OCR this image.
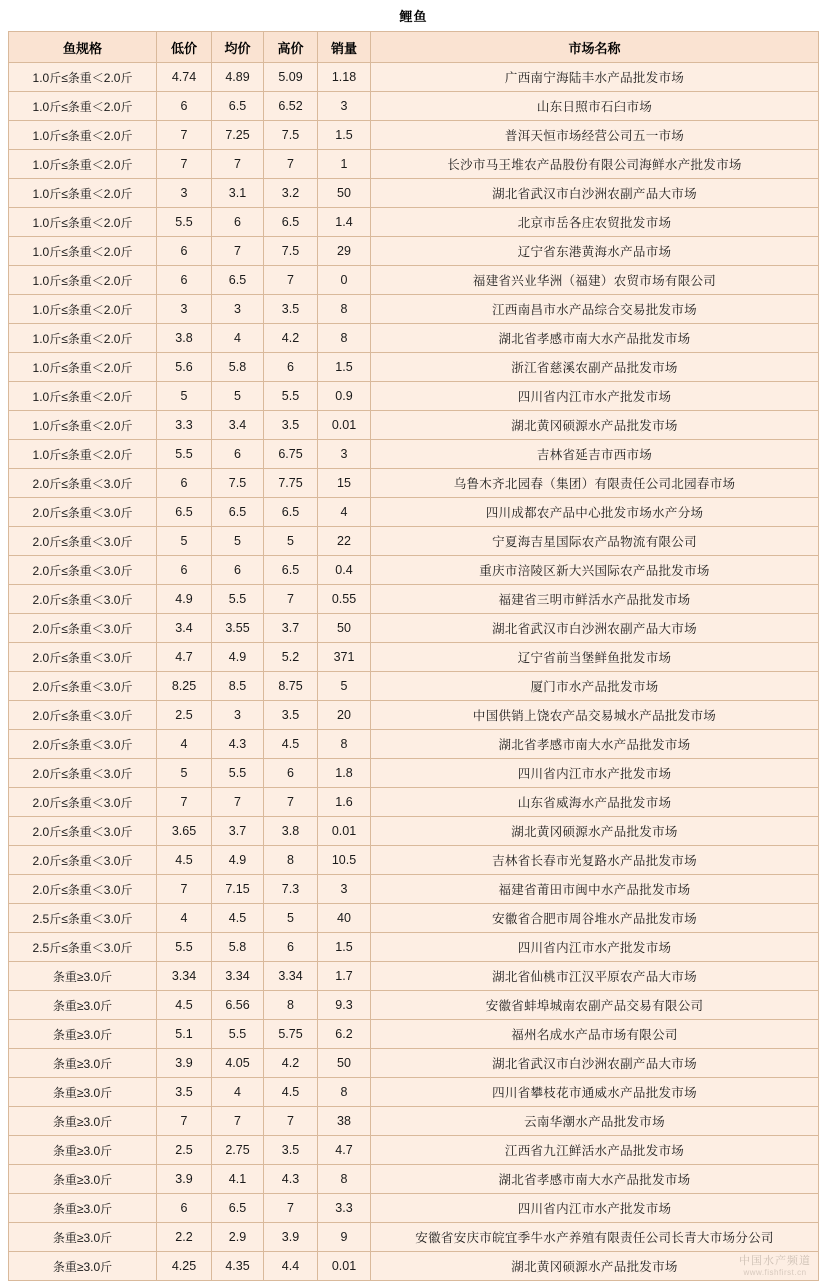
鲤鱼
鱼规格	低价	均价	高价	销量	市场名称
1.0斤≤条重＜2.0斤	4.74	4.89	5.09	1.18	广西南宁海陆丰水产品批发市场
1.0斤≤条重＜2.0斤	6	6.5	6.52	3	山东日照市石臼市场
1.0斤≤条重＜2.0斤	7	7.25	7.5	1.5	普洱天恒市场经营公司五一市场
1.0斤≤条重＜2.0斤	7	7	7	1	长沙市马王堆农产品股份有限公司海鲜水产批发市场
1.0斤≤条重＜2.0斤	3	3.1	3.2	50	湖北省武汉市白沙洲农副产品大市场
1.0斤≤条重＜2.0斤	5.5	6	6.5	1.4	北京市岳各庄农贸批发市场
1.0斤≤条重＜2.0斤	6	7	7.5	29	辽宁省东港黄海水产品市场
1.0斤≤条重＜2.0斤	6	6.5	7	0	福建省兴业华洲（福建）农贸市场有限公司
1.0斤≤条重＜2.0斤	3	3	3.5	8	江西南昌市水产品综合交易批发市场
1.0斤≤条重＜2.0斤	3.8	4	4.2	8	湖北省孝感市南大水产品批发市场
1.0斤≤条重＜2.0斤	5.6	5.8	6	1.5	浙江省慈溪农副产品批发市场
1.0斤≤条重＜2.0斤	5	5	5.5	0.9	四川省内江市水产批发市场
1.0斤≤条重＜2.0斤	3.3	3.4	3.5	0.01	湖北黄冈硕源水产品批发市场
1.0斤≤条重＜2.0斤	5.5	6	6.75	3	吉林省延吉市西市场
2.0斤≤条重＜3.0斤	6	7.5	7.75	15	乌鲁木齐北园春（集团）有限责任公司北园春市场
2.0斤≤条重＜3.0斤	6.5	6.5	6.5	4	四川成都农产品中心批发市场水产分场
2.0斤≤条重＜3.0斤	5	5	5	22	宁夏海吉星国际农产品物流有限公司
2.0斤≤条重＜3.0斤	6	6	6.5	0.4	重庆市涪陵区新大兴国际农产品批发市场
2.0斤≤条重＜3.0斤	4.9	5.5	7	0.55	福建省三明市鲜活水产品批发市场
2.0斤≤条重＜3.0斤	3.4	3.55	3.7	50	湖北省武汉市白沙洲农副产品大市场
2.0斤≤条重＜3.0斤	4.7	4.9	5.2	371	辽宁省前当堡鲜鱼批发市场
2.0斤≤条重＜3.0斤	8.25	8.5	8.75	5	厦门市水产品批发市场
2.0斤≤条重＜3.0斤	2.5	3	3.5	20	中国供销上饶农产品交易城水产品批发市场
2.0斤≤条重＜3.0斤	4	4.3	4.5	8	湖北省孝感市南大水产品批发市场
2.0斤≤条重＜3.0斤	5	5.5	6	1.8	四川省内江市水产批发市场
2.0斤≤条重＜3.0斤	7	7	7	1.6	山东省威海水产品批发市场
2.0斤≤条重＜3.0斤	3.65	3.7	3.8	0.01	湖北黄冈硕源水产品批发市场
2.0斤≤条重＜3.0斤	4.5	4.9	8	10.5	吉林省长春市光复路水产品批发市场
2.0斤≤条重＜3.0斤	7	7.15	7.3	3	福建省莆田市闽中水产品批发市场
2.5斤≤条重＜3.0斤	4	4.5	5	40	安徽省合肥市周谷堆水产品批发市场
2.5斤≤条重＜3.0斤	5.5	5.8	6	1.5	四川省内江市水产批发市场
条重≥3.0斤	3.34	3.34	3.34	1.7	湖北省仙桃市江汉平原农产品大市场
条重≥3.0斤	4.5	6.56	8	9.3	安徽省蚌埠城南农副产品交易有限公司
条重≥3.0斤	5.1	5.5	5.75	6.2	福州名成水产品市场有限公司
条重≥3.0斤	3.9	4.05	4.2	50	湖北省武汉市白沙洲农副产品大市场
条重≥3.0斤	3.5	4	4.5	8	四川省攀枝花市通威水产品批发市场
条重≥3.0斤	7	7	7	38	云南华潮水产品批发市场
条重≥3.0斤	2.5	2.75	3.5	4.7	江西省九江鲜活水产品批发市场
条重≥3.0斤	3.9	4.1	4.3	8	湖北省孝感市南大水产品批发市场
条重≥3.0斤	6	6.5	7	3.3	四川省内江市水产批发市场
条重≥3.0斤	2.2	2.9	3.9	9	安徽省安庆市皖宜季牛水产养殖有限责任公司长青大市场分公司
条重≥3.0斤	4.25	4.35	4.4	0.01	湖北黄冈硕源水产品批发市场	中国水产频道
www.fishfirst.cn
